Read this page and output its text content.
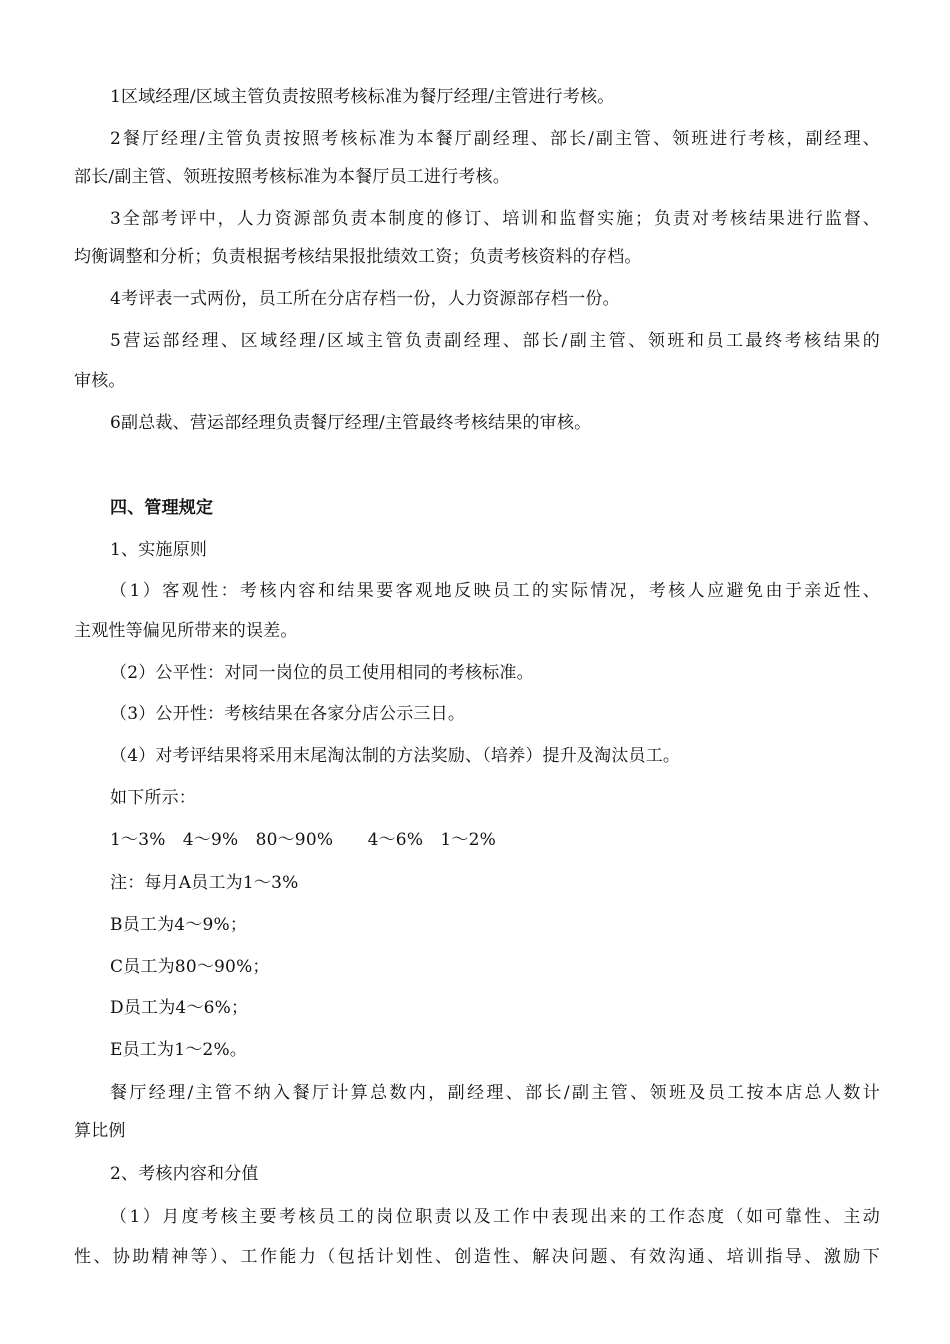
1区域经理/区域主管负责按照考核标准为餐厅经理/主管进行考核。
2餐厅经理/主管负责按照考核标准为本餐厅副经理、部长/副主管、领班进行考核，副经理、
部长/副主管、领班按照考核标准为本餐厅员工进行考核。
3全部考评中，人力资源部负责本制度的修订、培训和监督实施；负责对考核结果进行监督、
均衡调整和分析；负责根据考核结果报批绩效工资；负责考核资料的存档。
4考评表一式两份，员工所在分店存档一份，人力资源部存档一份。
5营运部经理、区域经理/区域主管负责副经理、部长/副主管、领班和员工最终考核结果的
审核。
6副总裁、营运部经理负责餐厅经理/主管最终考核结果的审核。
四、管理规定
1、实施原则
（1）客观性：考核内容和结果要客观地反映员工的实际情况，考核人应避免由于亲近性、
主观性等偏见所带来的误差。
（2）公平性：对同一岗位的员工使用相同的考核标准。
（3）公开性：考核结果在各家分店公示三日。
（4）对考评结果将采用末尾淘汰制的方法奖励、（培养）提升及淘汰员工。
如下所示：
1～3%　4～9%　80～90%　　4～6%　1～2%
注：每月A员工为1～3%
B员工为4～9%；
C员工为80～90%；
D员工为4～6%；
E员工为1～2%。
餐厅经理/主管不纳入餐厅计算总数内，副经理、部长/副主管、领班及员工按本店总人数计
算比例
2、考核内容和分值
（1）月度考核主要考核员工的岗位职责以及工作中表现出来的工作态度（如可靠性、主动
性、协助精神等）、工作能力（包括计划性、创造性、解决问题、有效沟通、培训指导、激励下
